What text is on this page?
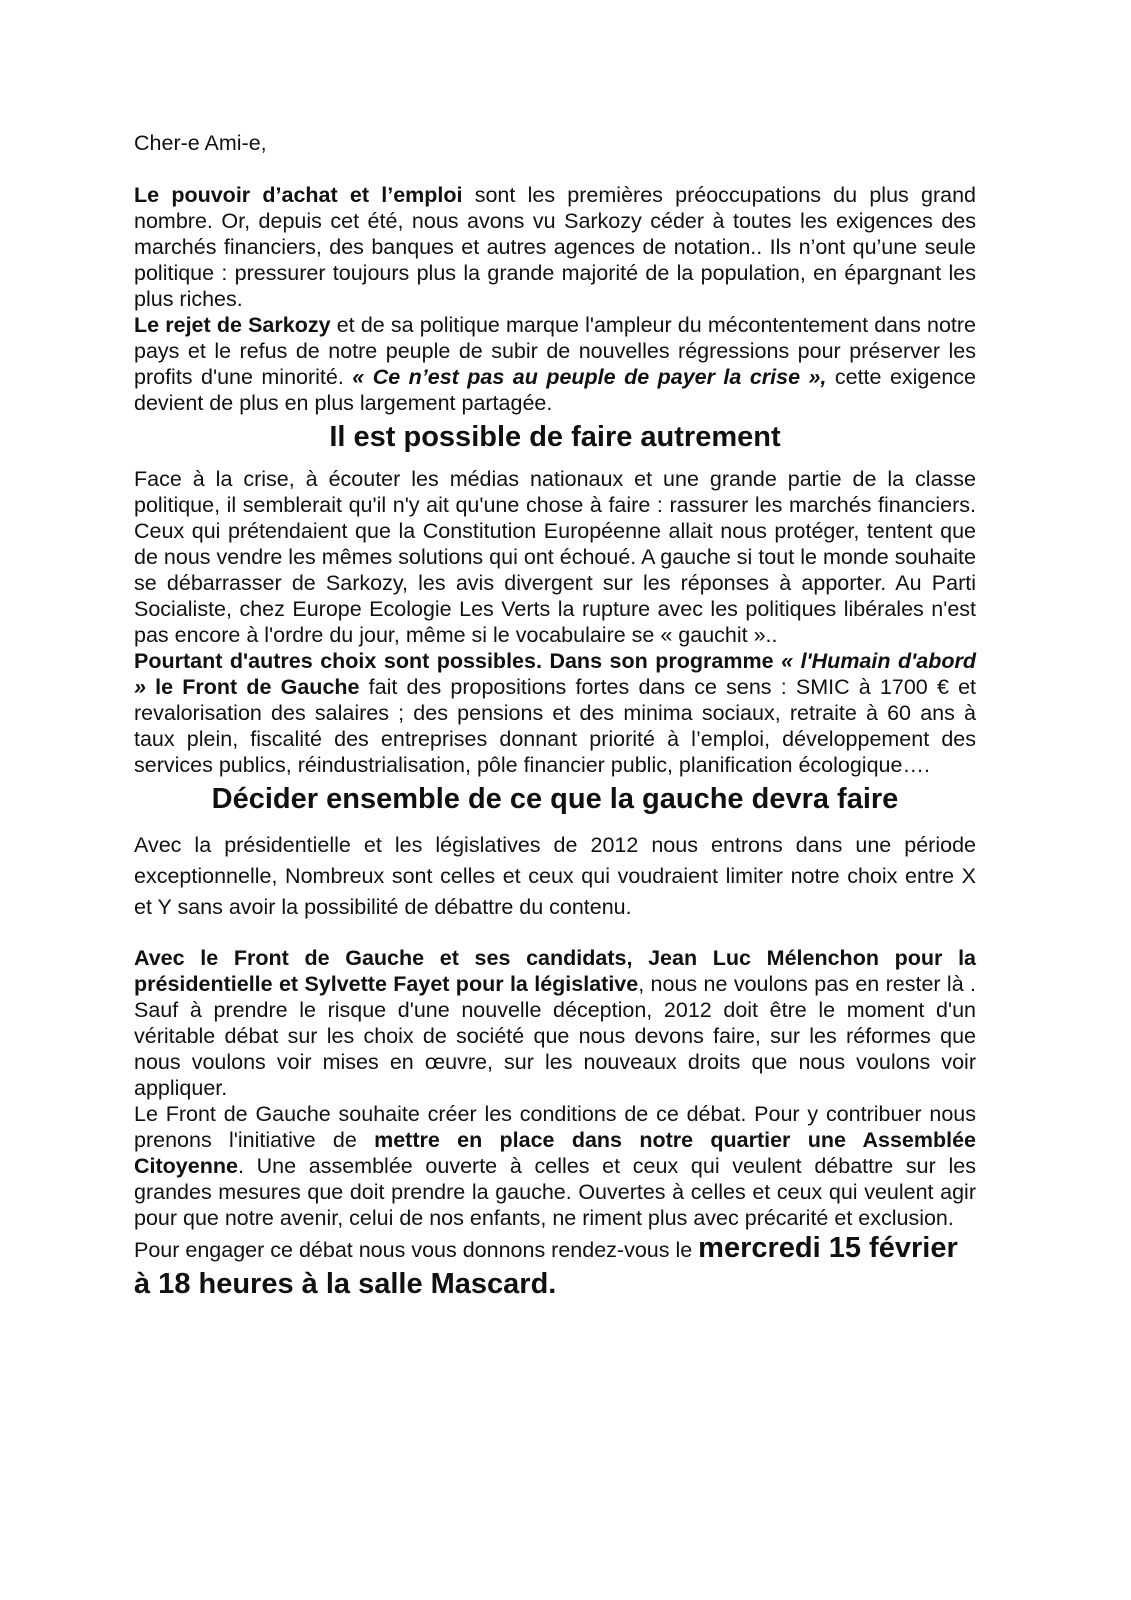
Cher-e Ami-e,

Le pouvoir d’achat et l’emploi sont les premières préoccupations du plus grand nombre. Or, depuis cet été, nous avons vu Sarkozy céder à toutes les exigences des marchés financiers, des banques et autres agences de notation.. Ils n’ont qu’une seule politique : pressurer toujours plus la grande majorité de la population, en épargnant les plus riches.

Le rejet de Sarkozy et de sa politique marque l'ampleur du mécontentement dans notre pays et le refus de notre peuple de subir de nouvelles régressions pour préserver les profits d'une minorité. « Ce n’est pas au peuple de payer la crise », cette exigence devient de plus en plus largement partagée.

Il est possible de faire autrement

Face à la crise, à écouter les médias nationaux et une grande partie de la classe politique, il semblerait qu'il n'y ait qu'une chose à faire : rassurer les marchés financiers. Ceux qui prétendaient que la Constitution Européenne allait nous protéger, tentent que de nous vendre les mêmes solutions qui ont échoué. A gauche si tout le monde souhaite se débarrasser de Sarkozy, les avis divergent sur les réponses à apporter. Au Parti Socialiste, chez Europe Ecologie Les Verts la rupture avec les politiques libérales n'est pas encore à l'ordre du jour, même si le vocabulaire se « gauchit »..

Pourtant d'autres choix sont possibles. Dans son programme « l'Humain d'abord » le Front de Gauche fait des propositions fortes dans ce sens : SMIC à 1700 € et revalorisation des salaires ; des pensions et des minima sociaux, retraite à 60 ans à taux plein, fiscalité des entreprises donnant priorité à l’emploi, développement des services publics, réindustrialisation, pôle financier public, planification écologique….

Décider ensemble de ce que la gauche devra faire

Avec la présidentielle et les législatives de 2012 nous entrons dans une période exceptionnelle, Nombreux sont celles et ceux qui voudraient limiter notre choix entre X et Y sans avoir la possibilité de débattre du contenu.

Avec le Front de Gauche et ses candidats, Jean Luc Mélenchon pour la présidentielle et Sylvette Fayet pour la législative, nous ne voulons pas en rester là . Sauf à prendre le risque d'une nouvelle déception, 2012 doit être le moment d'un véritable débat sur les choix de société que nous devons faire, sur les réformes que nous voulons voir mises en œuvre, sur les nouveaux droits que nous voulons voir appliquer.

Le Front de Gauche souhaite créer les conditions de ce débat. Pour y contribuer nous prenons l'initiative de mettre en place dans notre quartier une Assemblée Citoyenne. Une assemblée ouverte à celles et ceux qui veulent débattre sur les grandes mesures que doit prendre la gauche. Ouvertes à celles et ceux qui veulent agir pour que notre avenir, celui de nos enfants, ne riment plus avec précarité et exclusion.

Pour engager ce débat nous vous donnons rendez-vous le mercredi 15 février à 18 heures à la salle Mascard.
